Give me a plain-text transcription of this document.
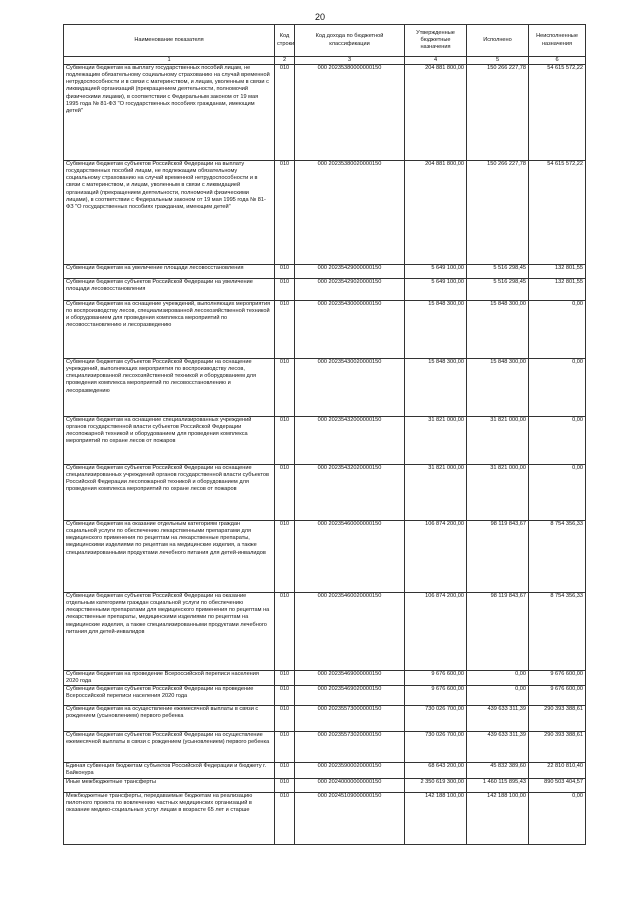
20
Наименование показателя	Код строки	Код дохода по бюджетной классификации	Утвержденные бюджетные назначения	Исполнено	Неисполненные назначения
1	2	3	4	5	6
Субвенции бюджетам на выплату государственных пособий лицам, не подлежащим обязательному социальному страхованию на случай временной нетрудоспособности и в связи с материнством, и лицам, уволенным в связи с ликвидацией организаций (прекращением деятельности, полномочий физическими лицами), в соответствии с Федеральным законом от 19 мая 1995 года № 81-ФЗ "О государственных пособиях гражданам, имеющим детей"	010	000 20235380000000150	204 881 800,00	150 266 227,78	54 615 572,22
Субвенции бюджетам субъектов Российской Федерации на выплату государственных пособий лицам, не подлежащим обязательному социальному страхованию на случай временной нетрудоспособности и в связи с материнством, и лицам, уволенным в связи с ликвидацией организаций (прекращением деятельности, полномочий физическими лицами), в соответствии с Федеральным законом от 19 мая 1995 года № 81-ФЗ "О государственных пособиях гражданам, имеющим детей"	010	000 20235380020000150	204 881 800,00	150 266 227,78	54 615 572,22
Субвенции бюджетам на увеличение площади лесовосстановления	010	000 20235429000000150	5 649 100,00	5 516 298,45	132 801,55
Субвенции бюджетам субъектов Российской Федерации на увеличение площади лесовосстановления	010	000 20235429020000150	5 649 100,00	5 516 298,45	132 801,55
Субвенции бюджетам на оснащение учреждений, выполняющих мероприятия по воспроизводству лесов, специализированной лесохозяйственной техникой и оборудованием для проведения комплекса мероприятий по лесовосстановлению и лесоразведению	010	000 20235430000000150	15 848 300,00	15 848 300,00	0,00
Субвенции бюджетам субъектов Российской Федерации на оснащение учреждений, выполняющих мероприятия по воспроизводству лесов, специализированной лесохозяйственной техникой и оборудованием для проведения комплекса мероприятий по лесовосстановлению и лесоразведению	010	000 20235430020000150	15 848 300,00	15 848 300,00	0,00
Субвенции бюджетам на оснащение специализированных учреждений органов государственной власти субъектов Российской Федерации лесопожарной техникой и оборудованием для проведения комплекса мероприятий по охране лесов от пожаров	010	000 20235432000000150	31 821 000,00	31 821 000,00	0,00
Субвенции бюджетам субъектов Российской Федерации на оснащение специализированных учреждений органов государственной власти субъектов Российской Федерации лесопожарной техникой и оборудованием для проведения комплекса мероприятий по охране лесов от пожаров	010	000 20235432020000150	31 821 000,00	31 821 000,00	0,00
Субвенции бюджетам на оказание отдельным категориям граждан социальной услуги по обеспечению лекарственными препаратами для медицинского применения по рецептам на лекарственные препараты, медицинскими изделиями по рецептам на медицинские изделия, а также специализированными продуктами лечебного питания для детей-инвалидов	010	000 20235460000000150	106 874 200,00	98 119 843,67	8 754 356,33
Субвенции бюджетам субъектов Российской Федерации на оказание отдельным категориям граждан социальной услуги по обеспечению лекарственными препаратами для медицинского применения по рецептам на лекарственные препараты, медицинскими изделиями по рецептам на медицинские изделия, а также специализированными продуктами лечебного питания для детей-инвалидов	010	000 20235460020000150	106 874 200,00	98 119 843,67	8 754 356,33
Субвенции бюджетам на проведение Всероссийской переписи населения 2020 года	010	000 20235469000000150	9 676 600,00	0,00	9 676 600,00
Субвенции бюджетам субъектов Российской Федерации на проведение Всероссийской переписи населения 2020 года	010	000 20235469020000150	9 676 600,00	0,00	9 676 600,00
Субвенции бюджетам на осуществление ежемесячной выплаты в связи с рождением (усыновлением) первого ребенка	010	000 20235573000000150	730 026 700,00	439 633 311,39	290 393 388,61
Субвенции бюджетам субъектов Российской Федерации на осуществление ежемесячной выплаты в связи с рождением (усыновлением) первого ребенка	010	000 20235573020000150	730 026 700,00	439 633 311,39	290 393 388,61
Единая субвенция бюджетам субъектов Российской Федерации и бюджету г. Байконура	010	000 20235900020000150	68 643 200,00	45 832 389,60	22 810 810,40
Иные межбюджетные трансферты	010	000 20240000000000150	2 350 619 300,00	1 460 115 895,43	890 503 404,57
Межбюджетные трансферты, передаваемые бюджетам на реализацию пилотного проекта по вовлечению частных медицинских организаций в оказание медико-социальных услуг лицам в возрасте 65 лет и старше	010	000 20245109000000150	142 188 100,00	142 188 100,00	0,00
